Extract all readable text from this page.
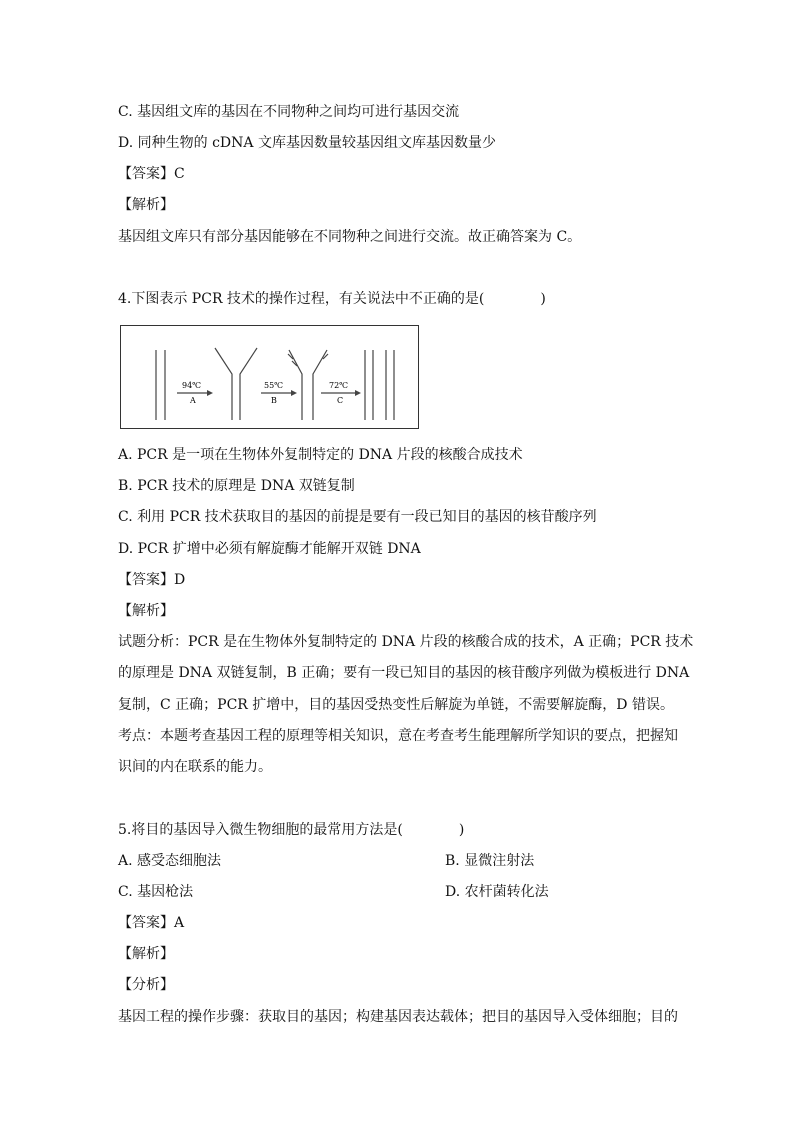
C. 基因组文库的基因在不同物种之间均可进行基因交流
D. 同种生物的 cDNA 文库基因数量较基因组文库基因数量少
【答案】C
【解析】
基因组文库只有部分基因能够在不同物种之间进行交流。故正确答案为 C。
4.下图表示 PCR 技术的操作过程，有关说法中不正确的是(　　　　)
94℃
A
55℃
B
72℃
C
A. PCR 是一项在生物体外复制特定的 DNA 片段的核酸合成技术
B. PCR 技术的原理是 DNA 双链复制
C. 利用 PCR 技术获取目的基因的前提是要有一段已知目的基因的核苷酸序列
D. PCR 扩增中必须有解旋酶才能解开双链 DNA
【答案】D
【解析】
试题分析：PCR 是在生物体外复制特定的 DNA 片段的核酸合成的技术，A 正确；PCR 技术
的原理是 DNA 双链复制，B 正确；要有一段已知目的基因的核苷酸序列做为模板进行 DNA
复制，C 正确；PCR 扩增中，目的基因受热变性后解旋为单链，不需要解旋酶，D 错误。
考点：本题考查基因工程的原理等相关知识，意在考查考生能理解所学知识的要点，把握知
识间的内在联系的能力。
5.将目的基因导入微生物细胞的最常用方法是(　　　　)
A. 感受态细胞法	B. 显微注射法
C. 基因枪法	D. 农杆菌转化法
【答案】A
【解析】
【分析】
基因工程的操作步骤：获取目的基因；构建基因表达载体；把目的基因导入受体细胞；目的
